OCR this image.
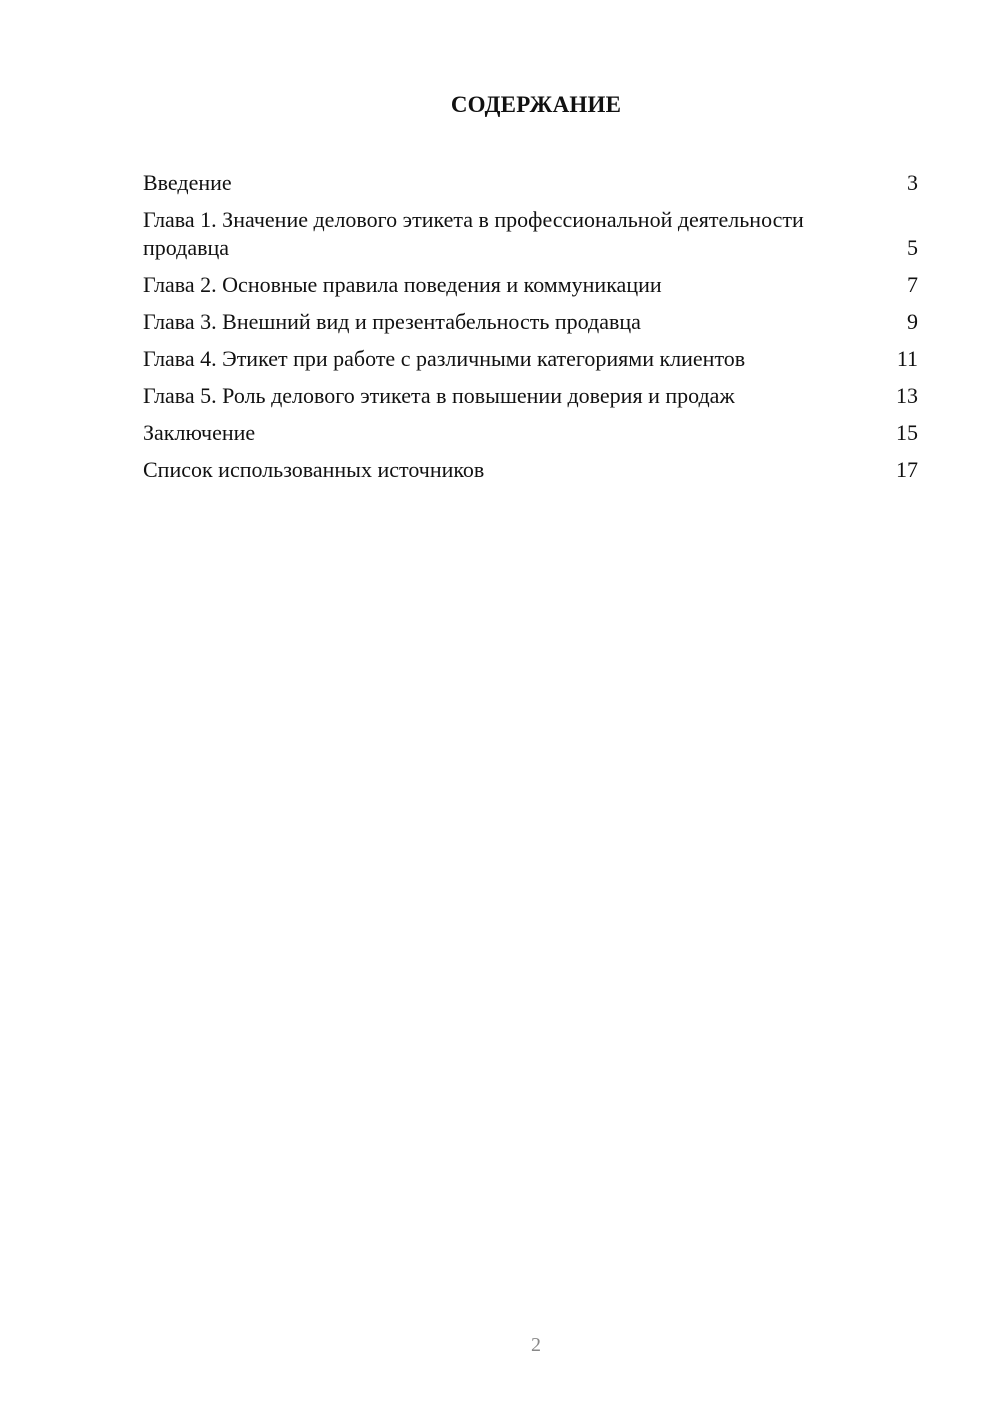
СОДЕРЖАНИЕ
Введение	3
Глава 1. Значение делового этикета в профессиональной деятельности продавца	5
Глава 2. Основные правила поведения и коммуникации	7
Глава 3. Внешний вид и презентабельность продавца	9
Глава 4. Этикет при работе с различными категориями клиентов	11
Глава 5. Роль делового этикета в повышении доверия и продаж	13
Заключение	15
Список использованных источников	17
2
